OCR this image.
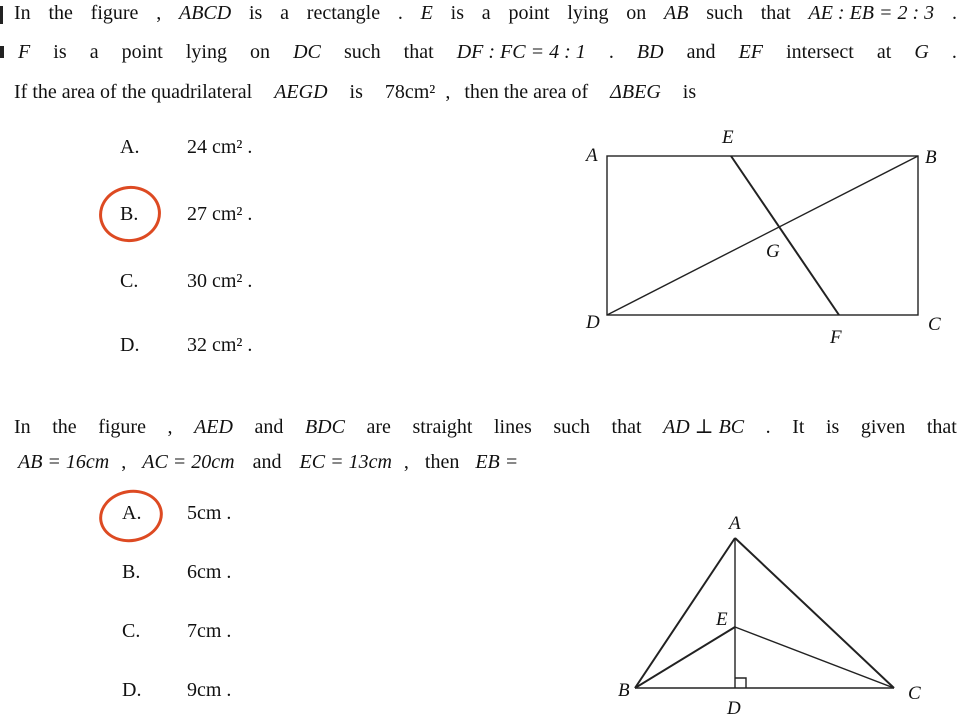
In the figure , ABCD is a rectangle . E is a point lying on AB such that AE : EB = 2 : 3 .
F is a point lying on DC such that DF : FC = 4 : 1 . BD and EF intersect at G .
If the area of the quadrilateral AEGD is 78cm² , then the area of ΔBEG is
A. 24 cm² .
B. 27 cm² .
C. 30 cm² .
D. 32 cm² .
A
E
B
G
D	C
F
In the figure , AED and BDC are straight lines such that AD ⊥ BC . It is given that
AB = 16cm , AC = 20cm and EC = 13cm , then EB =
A. 5cm .
B. 6cm .
C. 7cm .
D. 9cm .
A
E
B	C
D
